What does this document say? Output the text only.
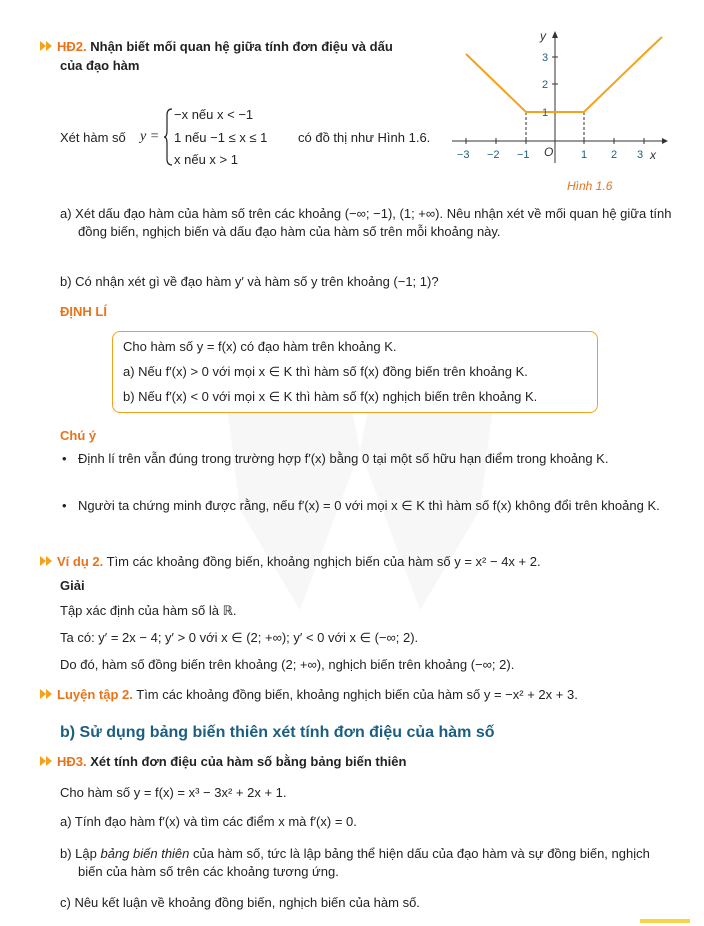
HĐ2. Nhận biết mối quan hệ giữa tính đơn điệu và dấu
của đạo hàm
Xét hàm số y =
−x nếu x < −1
1 nếu −1 ≤ x ≤ 1
x nếu x > 1
có đồ thị như Hình 1.6.
y
x
O
−3 −2 −1	1 2 3
1
2
3
Hình 1.6
a) Xét dấu đạo hàm của hàm số trên các khoảng (−∞; −1), (1; +∞). Nêu nhận xét về mối quan hệ giữa tính đồng biến, nghịch biến và dấu đạo hàm của hàm số trên mỗi khoảng này.
b) Có nhận xét gì về đạo hàm y′ và hàm số y trên khoảng (−1; 1)?
ĐỊNH LÍ
Cho hàm số y = f(x) có đạo hàm trên khoảng K.
a) Nếu f′(x) > 0 với mọi x ∈ K thì hàm số f(x) đồng biến trên khoảng K.
b) Nếu f′(x) < 0 với mọi x ∈ K thì hàm số f(x) nghịch biến trên khoảng K.
Chú ý
• Định lí trên vẫn đúng trong trường hợp f′(x) bằng 0 tại một số hữu hạn điểm trong khoảng K.
• Người ta chứng minh được rằng, nếu f′(x) = 0 với mọi x ∈ K thì hàm số f(x) không đổi trên khoảng K.
Ví dụ 2. Tìm các khoảng đồng biến, khoảng nghịch biến của hàm số y = x² − 4x + 2.
Giải
Tập xác định của hàm số là ℝ.
Ta có: y′ = 2x − 4; y′ > 0 với x ∈ (2; +∞); y′ < 0 với x ∈ (−∞; 2).
Do đó, hàm số đồng biến trên khoảng (2; +∞), nghịch biến trên khoảng (−∞; 2).
Luyện tập 2. Tìm các khoảng đồng biến, khoảng nghịch biến của hàm số y = −x² + 2x + 3.
b) Sử dụng bảng biến thiên xét tính đơn điệu của hàm số
HĐ3. Xét tính đơn điệu của hàm số bằng bảng biến thiên
Cho hàm số y = f(x) = x³ − 3x² + 2x + 1.
a) Tính đạo hàm f′(x) và tìm các điểm x mà f′(x) = 0.
b) Lập bảng biến thiên của hàm số, tức là lập bảng thể hiện dấu của đạo hàm và sự đồng biến, nghịch biến của hàm số trên các khoảng tương ứng.
c) Nêu kết luận về khoảng đồng biến, nghịch biến của hàm số.
